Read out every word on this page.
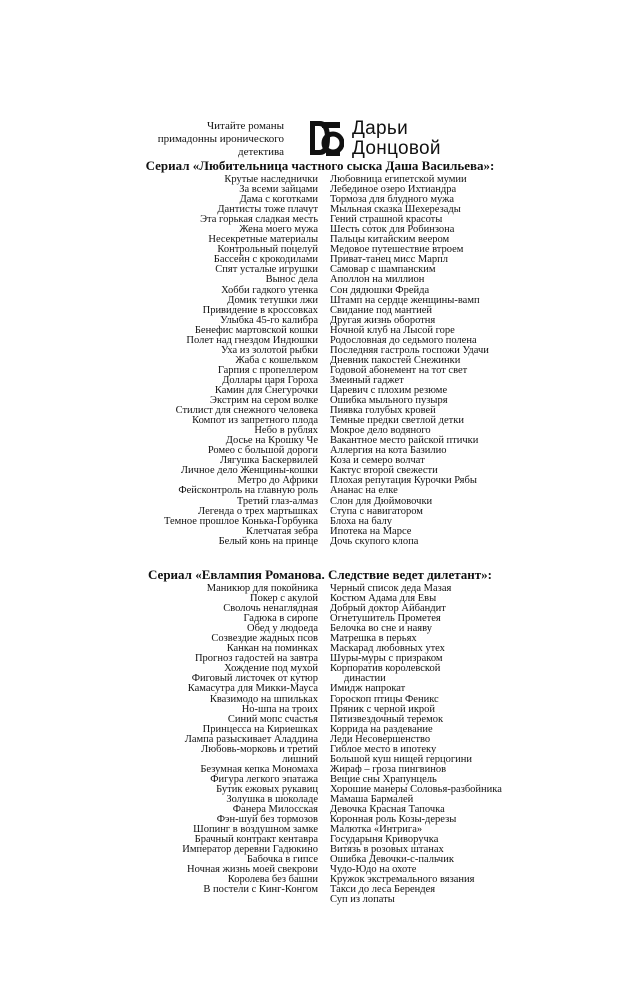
Читайте романы
примадонны иронического
детектива
Дарьи
Донцовой
Сериал «Любительница частного сыска Даша Васильева»:
Крутые наследнички
За всеми зайцами
Дама с коготками
Дантисты тоже плачут
Эта горькая сладкая месть
Жена моего мужа
Несекретные материалы
Контрольный поцелуй
Бассейн с крокодилами
Спят усталые игрушки
Вынос дела
Хобби гадкого утенка
Домик тетушки лжи
Привидение в кроссовках
Улыбка 45-го калибра
Бенефис мартовской кошки
Полет над гнездом Индюшки
Уха из золотой рыбки
Жаба с кошельком
Гарпия с пропеллером
Доллары царя Гороха
Камин для Снегурочки
Экстрим на сером волке
Стилист для снежного человека
Компот из запретного плода
Небо в рублях
Досье на Крошку Че
Ромео с большой дороги
Лягушка Баскервилей
Личное дело Женщины-кошки
Метро до Африки
Фейсконтроль на главную роль
Третий глаз-алмаз
Легенда о трех мартышках
Темное прошлое Конька-Горбунка
Клетчатая зебра
Белый конь на принце
Любовница египетской мумии
Лебединое озеро Ихтиандра
Тормоза для блудного мужа
Мыльная сказка Шехерезады
Гений страшной красоты
Шесть соток для Робинзона
Пальцы китайским веером
Медовое путешествие втроем
Приват-танец мисс Марпл
Самовар с шампанским
Аполлон на миллион
Сон дядюшки Фрейда
Штамп на сердце женщины-вамп
Свидание под мантией
Другая жизнь оборотня
Ночной клуб на Лысой горе
Родословная до седьмого полена
Последняя гастроль госпожи Удачи
Дневник пакостей Снежинки
Годовой абонемент на тот свет
Змеиный гаджет
Царевич с плохим резюме
Ошибка мыльного пузыря
Пиявка голубых кровей
Темные предки светлой детки
Мокрое дело водяного
Вакантное место райской птички
Аллергия на кота Базилио
Коза и семеро волчат
Кактус второй свежести
Плохая репутация Курочки Рябы
Ананас на елке
Слон для Дюймовочки
Ступа с навигатором
Блоха на балу
Ипотека на Марсе
Дочь скупого клопа
Сериал «Евлампия Романова. Следствие ведет дилетант»:
Маникюр для покойника
Покер с акулой
Сволочь ненаглядная
Гадюка в сиропе
Обед у людоеда
Созвездие жадных псов
Канкан на поминках
Прогноз гадостей на завтра
Хождение под мухой
Фиговый листочек от кутюр
Камасутра для Микки-Мауса
Квазимодо на шпильках
Но-шпа на троих
Синий мопс счастья
Принцесса на Кириешках
Лампа разыскивает Аладдина
Любовь-морковь и третий
лишний
Безумная кепка Мономаха
Фигура легкого эпатажа
Бутик ежовых рукавиц
Золушка в шоколаде
Фанера Милосская
Фэн-шуй без тормозов
Шопинг в воздушном замке
Брачный контракт кентавра
Император деревни Гадюкино
Бабочка в гипсе
Ночная жизнь моей свекрови
Королева без башни
В постели с Кинг-Конгом
Черный список деда Мазая
Костюм Адама для Евы
Добрый доктор Айбандит
Огнетушитель Прометея
Белочка во сне и наяву
Матрешка в перьях
Маскарад любовных утех
Шуры-муры с призраком
Корпоратив королевской
династии
Имидж напрокат
Гороскоп птицы Феникс
Пряник с черной икрой
Пятизвездочный теремок
Коррида на раздевание
Леди Несовершенство
Гиблое место в ипотеку
Большой куш нищей герцогини
Жираф – гроза пингвинов
Вещие сны Храпунцель
Хорошие манеры Соловья-разбойника
Мамаша Бармалей
Девочка Красная Тапочка
Коронная роль Козы-дерезы
Малютка «Интрига»
Государыня Криворучка
Витязь в розовых штанах
Ошибка Девочки-с-пальчик
Чудо-Юдо на охоте
Кружок экстремального вязания
Такси до леса Берендея
Суп из лопаты
